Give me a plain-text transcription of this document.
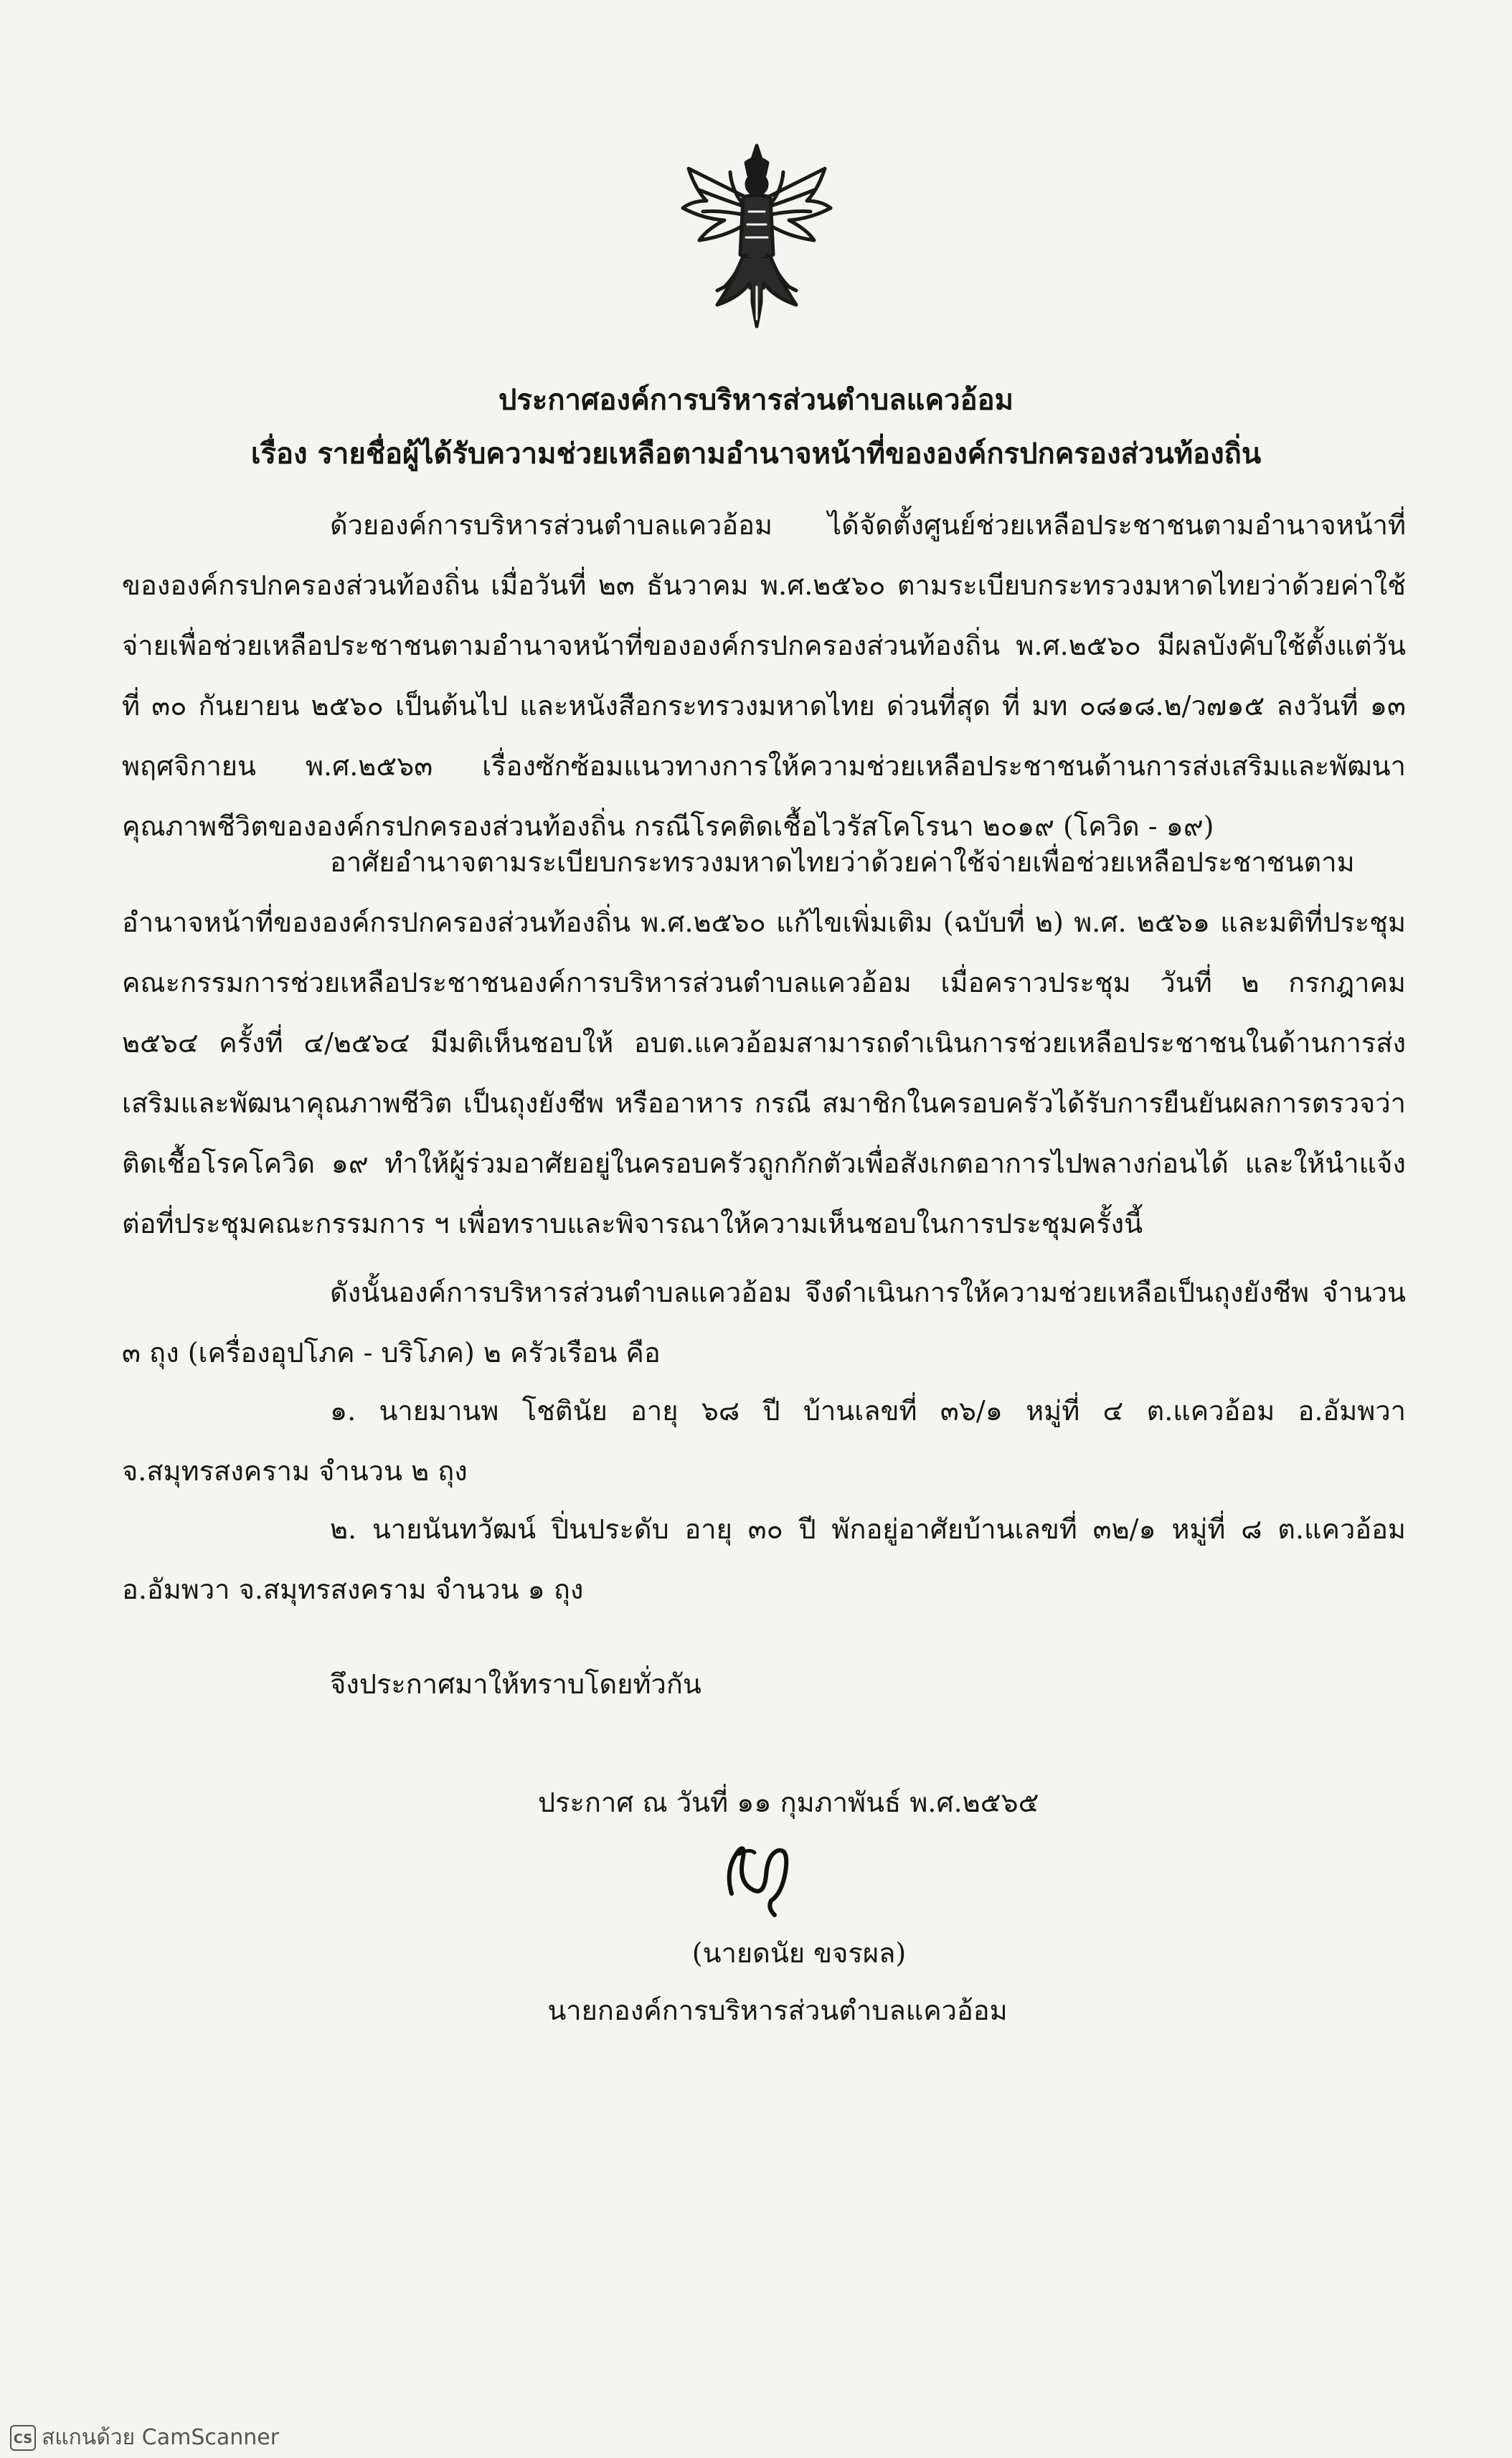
ประกาศองค์การบริหารส่วนตำบลแควอ้อม
เรื่อง รายชื่อผู้ได้รับความช่วยเหลือตามอำนาจหน้าที่ขององค์กรปกครองส่วนท้องถิ่น

ด้วยองค์การบริหารส่วนตำบลแควอ้อม ได้จัดตั้งศูนย์ช่วยเหลือประชาชนตามอำนาจหน้าที่ขององค์กรปกครองส่วนท้องถิ่น เมื่อวันที่ ๒๓ ธันวาคม พ.ศ.๒๕๖๐ ตามระเบียบกระทรวงมหาดไทยว่าด้วยค่าใช้จ่ายเพื่อช่วยเหลือประชาชนตามอำนาจหน้าที่ขององค์กรปกครองส่วนท้องถิ่น พ.ศ.๒๕๖๐ มีผลบังคับใช้ตั้งแต่วันที่ ๓๐ กันยายน ๒๕๖๐ เป็นต้นไป และหนังสือกระทรวงมหาดไทย ด่วนที่สุด ที่ มท ๐๘๑๘.๒/ว๗๑๕ ลงวันที่ ๑๓ พฤศจิกายน พ.ศ.๒๕๖๓ เรื่องซักซ้อมแนวทางการให้ความช่วยเหลือประชาชนด้านการส่งเสริมและพัฒนาคุณภาพชีวิตขององค์กรปกครองส่วนท้องถิ่น กรณีโรคติดเชื้อไวรัสโคโรนา ๒๐๑๙ (โควิด - ๑๙)

อาศัยอำนาจตามระเบียบกระทรวงมหาดไทยว่าด้วยค่าใช้จ่ายเพื่อช่วยเหลือประชาชนตามอำนาจหน้าที่ขององค์กรปกครองส่วนท้องถิ่น พ.ศ.๒๕๖๐ แก้ไขเพิ่มเติม (ฉบับที่ ๒) พ.ศ. ๒๕๖๑ และมติที่ประชุมคณะกรรมการช่วยเหลือประชาชนองค์การบริหารส่วนตำบลแควอ้อม เมื่อคราวประชุม วันที่ ๒ กรกฎาคม ๒๕๖๔ ครั้งที่ ๔/๒๕๖๔ มีมติเห็นชอบให้ อบต.แควอ้อมสามารถดำเนินการช่วยเหลือประชาชนในด้านการส่งเสริมและพัฒนาคุณภาพชีวิต เป็นถุงยังชีพ หรืออาหาร กรณี สมาชิกในครอบครัวได้รับการยืนยันผลการตรวจว่าติดเชื้อโรคโควิด ๑๙ ทำให้ผู้ร่วมอาศัยอยู่ในครอบครัวถูกกักตัวเพื่อสังเกตอาการไปพลางก่อนได้ และให้นำแจ้งต่อที่ประชุมคณะกรรมการ ฯ เพื่อทราบและพิจารณาให้ความเห็นชอบในการประชุมครั้งนี้

ดังนั้นองค์การบริหารส่วนตำบลแควอ้อม จึงดำเนินการให้ความช่วยเหลือเป็นถุงยังชีพ จำนวน ๓ ถุง (เครื่องอุปโภค - บริโภค) ๒ ครัวเรือน คือ

๑. นายมานพ โชตินัย อายุ ๖๘ ปี บ้านเลขที่ ๓๖/๑ หมู่ที่ ๔ ต.แควอ้อม อ.อัมพวา จ.สมุทรสงคราม จำนวน ๒ ถุง

๒. นายนันทวัฒน์ ปิ่นประดับ อายุ ๓๐ ปี พักอยู่อาศัยบ้านเลขที่ ๓๒/๑ หมู่ที่ ๘ ต.แควอ้อม อ.อัมพวา จ.สมุทรสงคราม จำนวน ๑ ถุง

จึงประกาศมาให้ทราบโดยทั่วกัน
ประกาศ ณ วันที่ ๑๑ กุมภาพันธ์ พ.ศ.๒๕๖๕
(นายดนัย ขจรผล)
นายกองค์การบริหารส่วนตำบลแควอ้อม
CS สแกนด้วย CamScanner
